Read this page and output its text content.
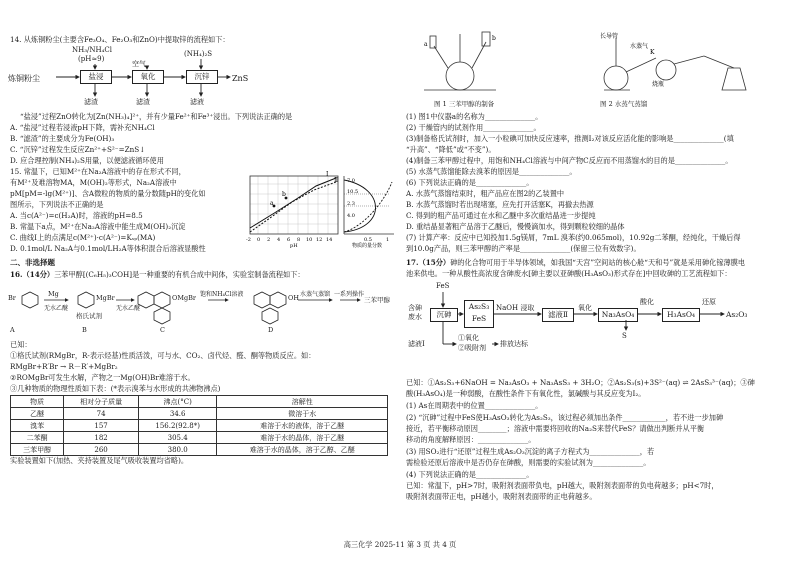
14. 从炼铜粉尘(主要含Fe₃O₄、Fe₂O₃和ZnO)中提取锌的流程如下：
NH₃/NH₄Cl
(pH≈9)
炼铜粉尘	盐浸
空气
氧化
(NH₄)₂S
沉锌	ZnS
滤渣	滤渣	滤液
“盐浸”过程ZnO转化为[Zn(NH₃)₄]²⁺，并有少量Fe²⁺和Fe³⁺浸出。下列说法正确的是
A. “盐浸”过程若浸液pH下降，需补充NH₄Cl
B. “滤渣”的主要成分为Fe(OH)₃
C. “沉锌”过程发生反应Zn²⁺+S²⁻=ZnS↓
D. 应合理控制(NH₄)₂S用量，以便滤液循环使用
15. 常温下，已知M²⁺在Na₂A溶液中的存在形式不同，
有M²⁺及难溶物MA，M(OH)₂等形式，Na₂A溶液中
pM[pM=-lg(M²⁺)]、含A微粒的物质的量分数随pH的变化如
图所示，下列说法不正确的是
A. 当c(A²⁻)=c(H₂A)时，溶液的pH=8.5
B. 常温下a点，M²⁺在Na₂A溶液中能生成M(OH)₂沉淀
C. 曲线Ⅰ上的点满足c(M²⁺)·c(A²⁻)=Kₛₚ(MA)
D. 0.1mol/L Na₂A与0.1mol/LH₂A等体积混合后溶液显酸性
a
b
Ⅰ
Ⅱ 7.0
10.5
2.3
4.0
-2 0 2 4 6 8 10 12 14
pH
0.5	1
物质的量分数
二、非选择题
16.（14分）三苯甲醇[(C₆H₅)₃COH]是一种重要的有机合成中间体，实验室制备流程如下：
Br	Mg
无水乙醚
MgBr
格氏试剂
无水乙醚
OMgBr 饱和NH₄Cl溶液	OH 水蒸气蒸馏 一系列操作
三苯甲醇
A	B	C	D
已知：
①格氏试剂(RMgBr，R-表示烃基)性质活泼，可与水、CO₂、卤代烃、醛、酮等物质反应。如：
RMgBr+R′Br → R－R′+MgBr₂
②ROMgBr可发生水解，产物之一Mg(OH)Br难溶于水。
③几种物质的物理性质如下表：(*表示溴苯与水形成的共沸物沸点)
物质	相对分子质量	沸点(°C)	溶解性
乙醚	74	34.6	微溶于水
溴苯	157	156.2(92.8*)	难溶于水的液体，溶于乙醚
二苯酮	182	305.4	难溶于水的晶体，溶于乙醚
三苯甲醇	260	380.0	难溶于水的晶体，溶于乙醇、乙醚
实验装置如下(加热、夹持装置及尾气吸收装置均省略)。
a
b	长导管
K
水蒸气
烧瓶
图 1 三苯甲醇的制备	图 2 水蒸气蒸馏
(1) 图1中仪器a的名称为______________。
(2) 干燥管内的试剂作用______________。
(3)制备格氏试剂时，加入一小粒碘可加快反应速率，推测I₂对该反应活化能的影响是______________(填
“升高”、“降低”或“不变”)。
(4)制备三苯甲醇过程中，用饱和NH₄Cl溶液与中间产物C反应而不用蒸馏水的目的是______________。
(5) 水蒸气蒸馏能除去溴苯的原因是______________。
(6) 下列说法正确的是______________。
A. 水蒸气蒸馏结束时，粗产品应在图2的乙装置中
B. 水蒸气蒸馏时若出现堵塞，应先打开活塞K，再撤去热源
C. 得到的粗产品可通过在水和乙醚中多次重结晶进一步提纯
D. 重结晶显著粗产品溶于乙醚后，慢慢滴加水，得到颗粒较细的晶体
(7) 计算产率：反应中已知投加1.5g镁屑，7mL 溴苯(约0.065mol)，10.92g二苯酮，经纯化，干燥后得
到10.0g产品，则三苯甲醇的产率是______________(保留三位有效数字)。
17.（15分）砷的化合物可用于半导体领域，如我国“天宫”空间站的核心舱“天和号”就是采用砷化镓薄膜电
池来供电。一种从酸性高浓度含砷废水[砷主要以亚砷酸(H₃AsO₃)形式存在]中回收砷的工艺流程如下：
FeS
含砷废水	沉砷
As₂S₃
FeS
NaOH 浸取
滤液Ⅱ
氧化
Na₃AsO₄
酸化
H₃AsO₄
还原
As₂O₃
S
滤液Ⅰ
①氧化
②吸附剂 排放达标
已知：①As₂S₃+6NaOH = Na₃AsO₃ + Na₃AsS₃ + 3H₂O；②As₂S₃(s)+3S²⁻(aq) ⇌ 2AsS₃³⁻(aq)；③砷
酸(H₃AsO₄)是一种弱酸，在酸性条件下有氧化性，氯碱酸与其反应变为I₂。
(1) As在周期表中的位置______________。
(2) “沉砷”过程中FeS使H₃AsO₃转化为As₂S₃，该过程必须加出条件____________，若不进一步加砷
接近，若平衡移动原因________；溶液中需要将回收的Na₂S来替代FeS？请做出判断并从平衡
移动的角度解释原因：______________。
(3) 用SO₂进行“还原”过程生成As₂O₃沉淀的离子方程式为______________，若
需检验还原后溶液中是否仍存在砷酸，则需要的实验试剂为______________。
(4) 下列说法正确的是______________。
已知：常温下，pH>7时，吸附剂表面带负电，pH越大，吸附剂表面带的负电荷越多；pH<7时，
吸附剂表面带正电，pH越小，吸附剂表面带的正电荷越多。
高三化学 2025-11 第 3 页 共 4 页
